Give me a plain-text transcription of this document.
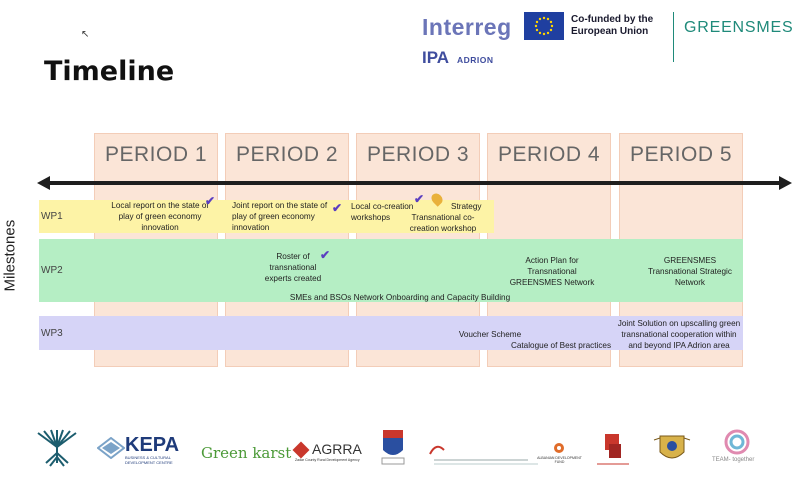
↖
Timeline
Interreg
IPA ADRION
Co-funded by the European Union	GREENSMES
PERIOD 1	PERIOD 2	PERIOD 3	PERIOD 4	PERIOD 5
Milestones
WP1
Local report on the state of play of green economy innovation
✔ Joint report on the state of play of green economy innovation
✔ Local co-creation workshops
✔
Strategy
Transnational co-creation workshop
WP2
Roster of transnational experts created
✔	Action Plan for Transnational GREENSMES Network
GREENSMES Transnational Strategic Network
SMEs and BSOs Network Onboarding and Capacity Building
WP3	Voucher Scheme
Catalogue of Best practices
Joint Solution on upscalling green transnational cooperation within and beyond IPA Adrion area
KEPA
BUSINESS & CULTURAL DEVELOPMENT CENTRE
Green karst AGRRA
Zadar County Rural Development Agency	ALBANIAN DEVELOPMENT FUND	TEAM- together
